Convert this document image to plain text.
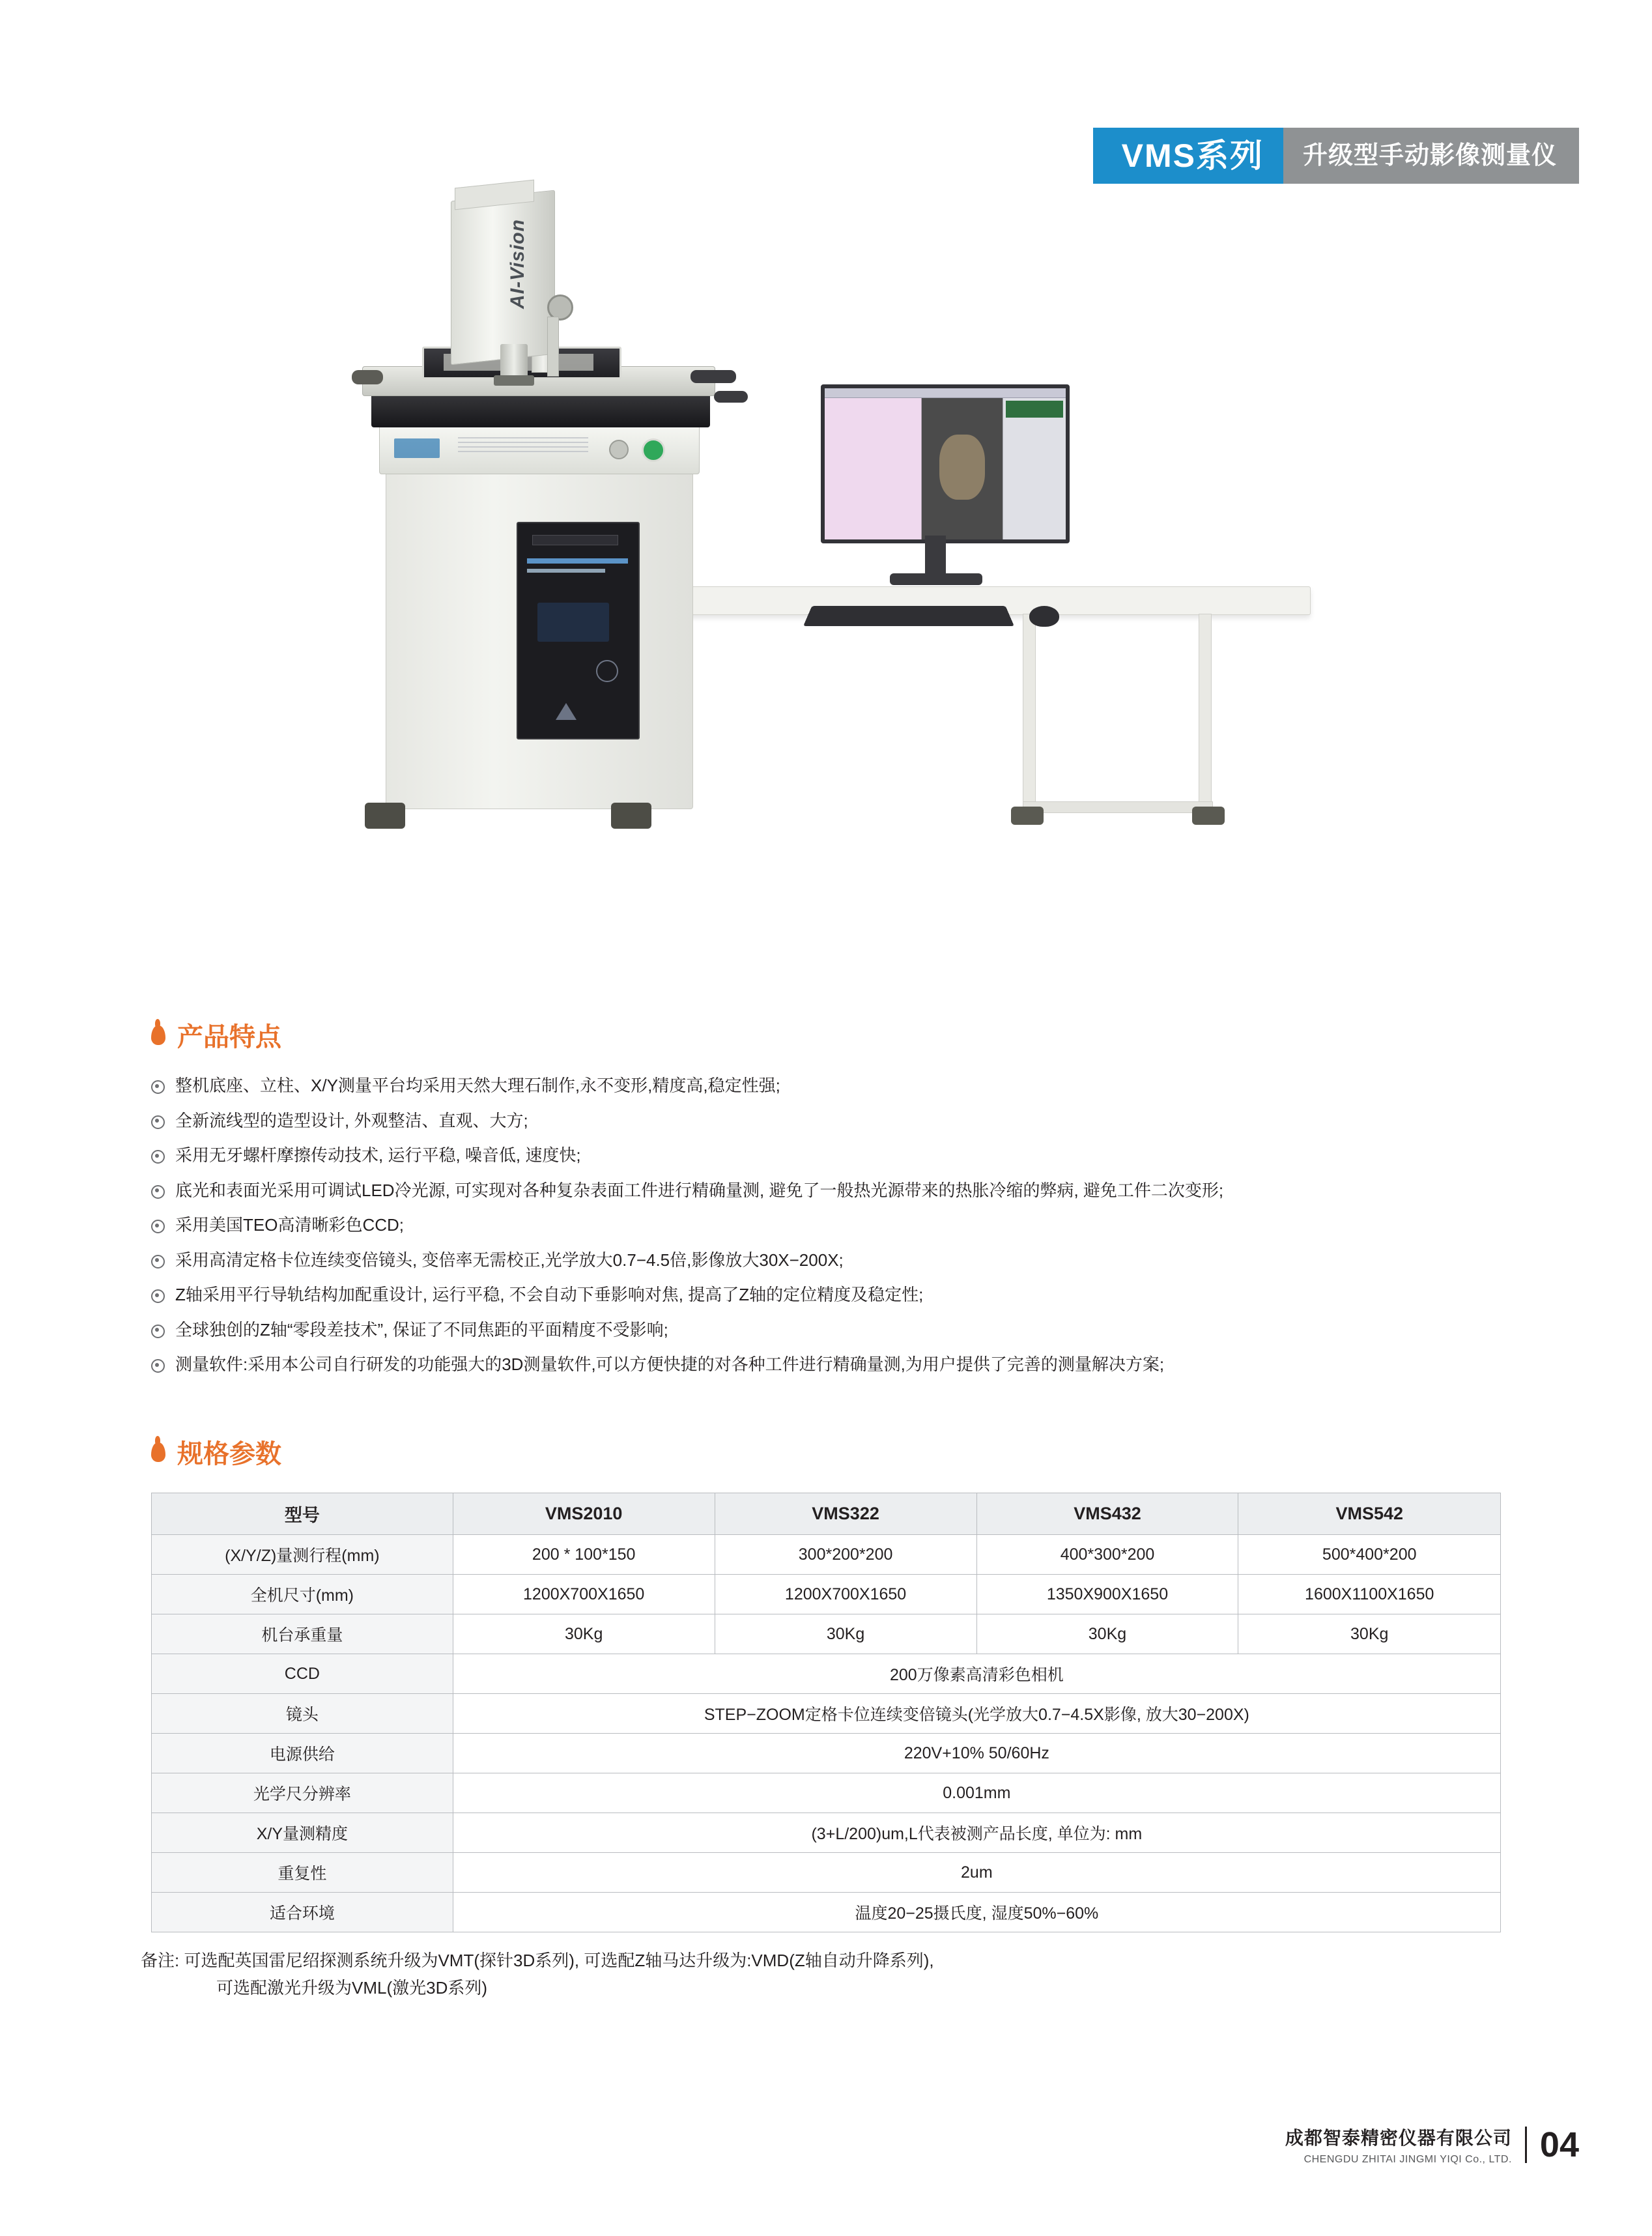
VMS系列	升级型手动影像测量仪
AI-Vision
产品特点
整机底座、立柱、X/Y测量平台均采用天然大理石制作,永不变形,精度高,稳定性强;
全新流线型的造型设计, 外观整洁、直观、大方;
采用无牙螺杆摩擦传动技术, 运行平稳, 噪音低, 速度快;
底光和表面光采用可调试LED冷光源, 可实现对各种复杂表面工件进行精确量测, 避免了一般热光源带来的热胀冷缩的弊病, 避免工件二次变形;
采用美国TEO高清晰彩色CCD;
采用高清定格卡位连续变倍镜头, 变倍率无需校正,光学放大0.7−4.5倍,影像放大30X−200X;
Z轴采用平行导轨结构加配重设计, 运行平稳, 不会自动下垂影响对焦, 提高了Z轴的定位精度及稳定性;
全球独创的Z轴“零段差技术”, 保证了不同焦距的平面精度不受影响;
测量软件:采用本公司自行研发的功能强大的3D测量软件,可以方便快捷的对各种工件进行精确量测,为用户提供了完善的测量解决方案;
规格参数
型号	VMS2010	VMS322	VMS432	VMS542
(X/Y/Z)量测行程(mm)	200 * 100*150	300*200*200	400*300*200	500*400*200
全机尺寸(mm)	1200X700X1650	1200X700X1650	1350X900X1650	1600X1100X1650
机台承重量	30Kg	30Kg	30Kg	30Kg
CCD	200万像素高清彩色相机			
镜头	STEP−ZOOM定格卡位连续变倍镜头(光学放大0.7−4.5X影像, 放大30−200X)			
电源供给	220V+10% 50/60Hz			
光学尺分辨率	0.001mm			
X/Y量测精度	(3+L/200)um,L代表被测产品长度, 单位为: mm			
重复性	2um			
适合环境	温度20−25摄氏度, 湿度50%−60%			
备注: 可选配英国雷尼绍探测系统升级为VMT(探针3D系列), 可选配Z轴马达升级为:VMD(Z轴自动升降系列),
可选配激光升级为VML(激光3D系列)
成都智泰精密仪器有限公司
CHENGDU ZHITAI JINGMI YIQI Co., LTD. 04
